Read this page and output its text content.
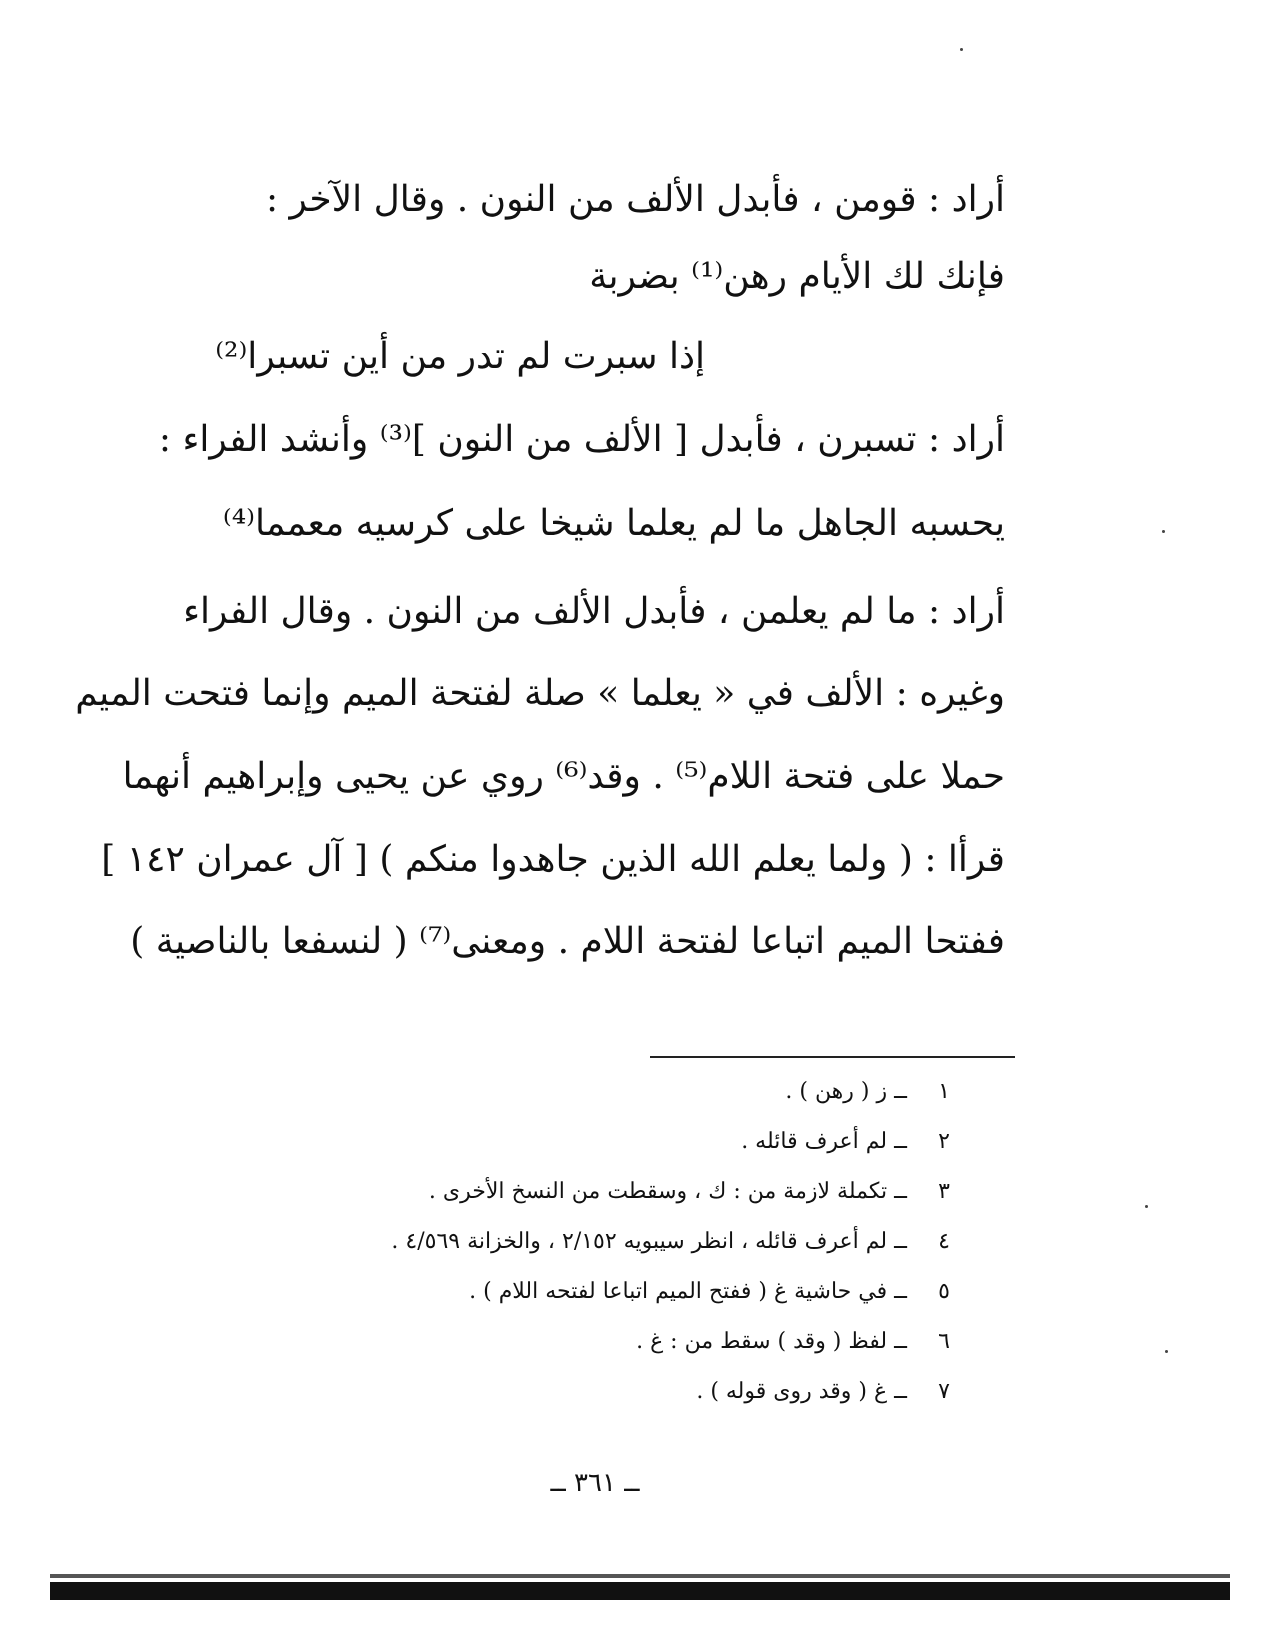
أراد : قومن ، فأبدل الألف من النون . وقال الآخر :
فإنك لك الأيام رهن⁽¹⁾ بضربة
إذا سبرت لم تدر من أين تسبرا⁽²⁾
أراد : تسبرن ، فأبدل [ الألف من النون ]⁽³⁾ وأنشد الفراء :
يحسبه الجاهل ما لم يعلما شيخا على كرسيه معمما⁽⁴⁾
أراد : ما لم يعلمن ، فأبدل الألف من النون . وقال الفراء
وغيره : الألف في « يعلما » صلة لفتحة الميم وإنما فتحت الميم
حملا على فتحة اللام⁽⁵⁾ . وقد⁽⁶⁾ روي عن يحيى وإبراهيم أنهما
قرأا : ( ولما يعلم الله الذين جاهدوا منكم ) [ آل عمران ١٤٢ ]
ففتحا الميم اتباعا لفتحة اللام . ومعنى⁽⁷⁾ ( لنسفعا بالناصية )
١ ــ ز ( رهن ) .
٢ ــ لم أعرف قائله .
٣ ــ تكملة لازمة من : ك ، وسقطت من النسخ الأخرى .
٤ ــ لم أعرف قائله ، انظر سيبويه ٢/١٥٢ ، والخزانة ٤/٥٦٩ .
٥ ــ في حاشية غ ( ففتح الميم اتباعا لفتحه اللام ) .
٦ ــ لفظ ( وقد ) سقط من : غ .
٧ ــ غ ( وقد روى قوله ) .
ــ ٣٦١ ــ
